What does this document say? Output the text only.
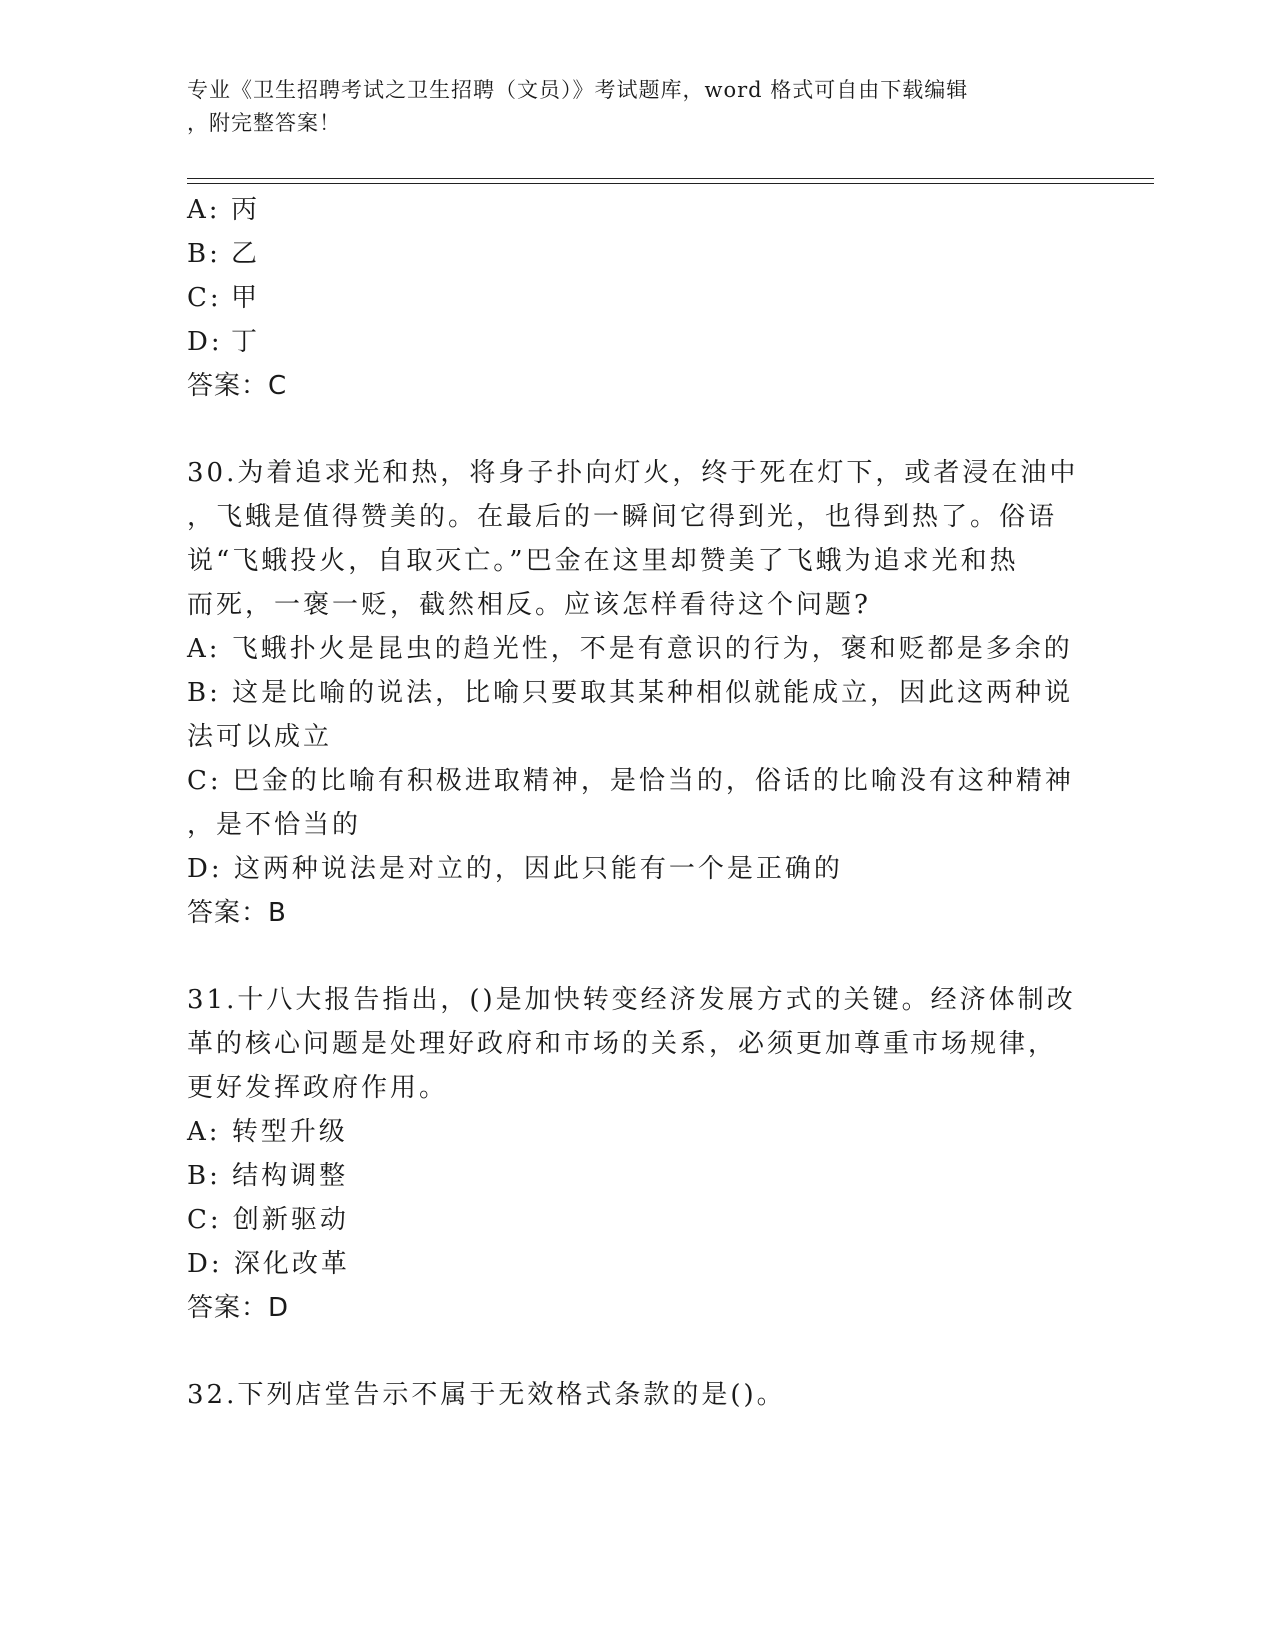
专业《卫生招聘考试之卫生招聘（文员）》考试题库，word 格式可自由下载编辑
，附完整答案！
A: 丙
B: 乙
C: 甲
D: 丁
答案：C
30.为着追求光和热，将身子扑向灯火，终于死在灯下，或者浸在油中
，飞蛾是值得赞美的。在最后的一瞬间它得到光，也得到热了。俗语
说“飞蛾投火，自取灭亡。”巴金在这里却赞美了飞蛾为追求光和热
而死，一褒一贬，截然相反。应该怎样看待这个问题?
A: 飞蛾扑火是昆虫的趋光性，不是有意识的行为，褒和贬都是多余的
B: 这是比喻的说法，比喻只要取其某种相似就能成立，因此这两种说
法可以成立
C: 巴金的比喻有积极进取精神，是恰当的，俗话的比喻没有这种精神
，是不恰当的
D: 这两种说法是对立的，因此只能有一个是正确的
答案：B
31.十八大报告指出，()是加快转变经济发展方式的关键。经济体制改
革的核心问题是处理好政府和市场的关系，必须更加尊重市场规律，
更好发挥政府作用。
A: 转型升级
B: 结构调整
C: 创新驱动
D: 深化改革
答案：D
32.下列店堂告示不属于无效格式条款的是()。
